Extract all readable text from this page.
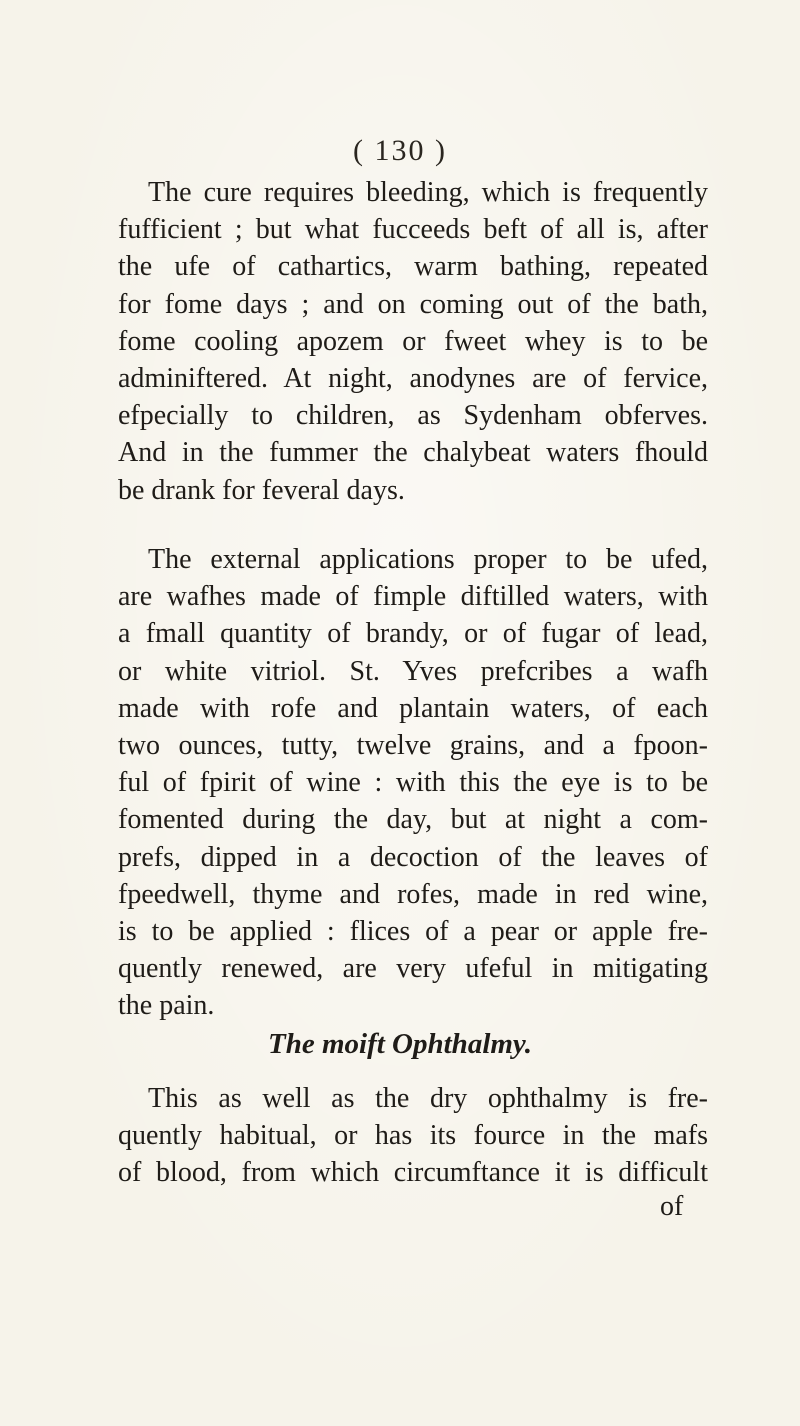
( 130 )
The cure requires bleeding, which is frequently
fufficient ; but what fucceeds beft of all is, after
the ufe of cathartics, warm bathing, repeated
for fome days ; and on coming out of the bath,
fome cooling apozem or fweet whey is to be
adminiftered. At night, anodynes are of fervice,
efpecially to children, as Sydenham obferves.
And in the fummer the chalybeat waters fhould
be drank for feveral days.
The external applications proper to be ufed,
are wafhes made of fimple diftilled waters, with
a fmall quantity of brandy, or of fugar of lead,
or white vitriol. St. Yves prefcribes a wafh
made with rofe and plantain waters, of each
two ounces, tutty, twelve grains, and a fpoon-
ful of fpirit of wine : with this the eye is to be
fomented during the day, but at night a com-
prefs, dipped in a decoction of the leaves of
fpeedwell, thyme and rofes, made in red wine,
is to be applied : flices of a pear or apple fre-
quently renewed, are very ufeful in mitigating
the pain.
The moift Ophthalmy.
This as well as the dry ophthalmy is fre-
quently habitual, or has its fource in the mafs
of blood, from which circumftance it is difficult
of
